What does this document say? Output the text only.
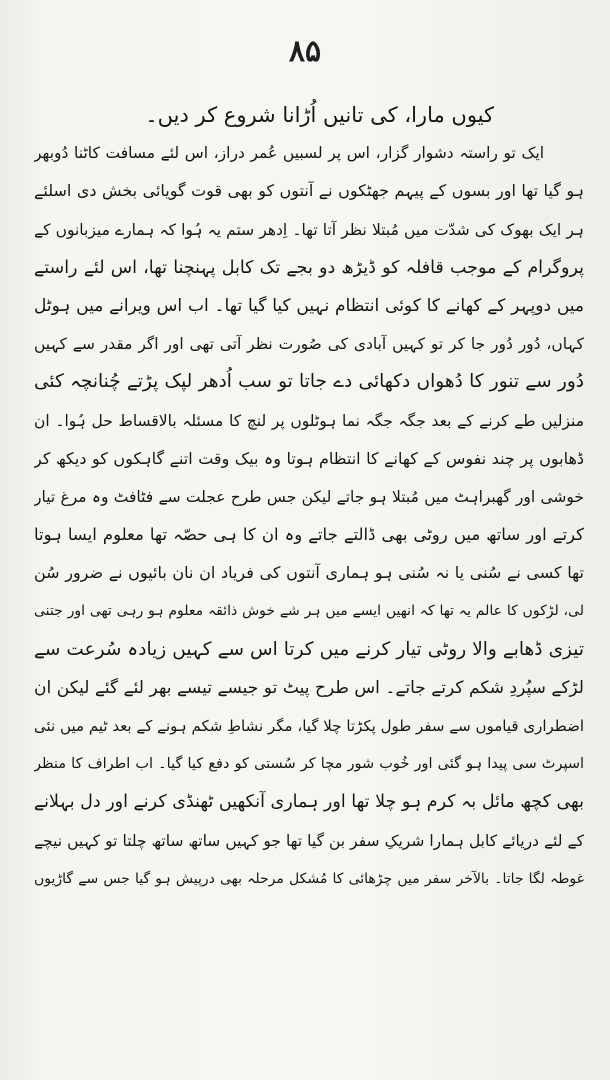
۸۵
کیوں مارا، کی تانیں اُڑانا شروع کر دیں۔
ایک تو راستہ دشوار گزار، اس پر لسبیں عُمر دراز، اس لئے مسافت کاٹنا دُوبھر
ہو گیا تھا اور بسوں کے پیہم جھٹکوں نے آنتوں کو بھی قوت گویائی بخش دی اسلئے
ہر ایک بھوک کی شدّت میں مُبتلا نظر آتا تھا۔ اِدھر ستم یہ ہُوا کہ ہمارے میزبانوں کے
پروگرام کے موجب قافلہ کو ڈیڑھ دو بجے تک کابل پہنچنا تھا، اس لئے راستے
میں دوپہر کے کھانے کا کوئی انتظام نہیں کیا گیا تھا۔ اب اس ویرانے میں ہوٹل
کہاں، دُور دُور جا کر تو کہیں آبادی کی صُورت نظر آتی تھی اور اگر مقدر سے کہیں
دُور سے تنور کا دُھواں دکھائی دے جاتا تو سب اُدھر لپک پڑتے چُنانچہ کئی
منزلیں طے کرنے کے بعد جگہ جگہ نما ہوٹلوں پر لنچ کا مسئلہ بالاقساط حل ہُوا۔ ان
ڈھابوں پر چند نفوس کے کھانے کا انتظام ہوتا وہ بیک وقت اتنے گاہکوں کو دیکھ کر
خوشی اور گھبراہٹ میں مُبتلا ہو جاتے لیکن جس طرح عجلت سے فٹافٹ وہ مرغ تیار
کرتے اور ساتھ میں روٹی بھی ڈالتے جاتے وہ ان کا ہی حصّہ تھا معلوم ایسا ہوتا
تھا کسی نے سُنی یا نہ سُنی ہو ہماری آنتوں کی فریاد ان نان بائیوں نے ضرور سُن
لی، لڑکوں کا عالم یہ تھا کہ انھیں ایسے میں ہر شے خوش ذائقہ معلوم ہو رہی تھی اور جتنی
تیزی ڈھابے والا روٹی تیار کرنے میں کرتا اس سے کہیں زیادہ سُرعت سے
لڑکے سپُردِ شکم کرتے جاتے۔ اس طرح پیٹ تو جیسے تیسے بھر لئے گئے لیکن ان
اضطراری قیاموں سے سفر طول پکڑتا چلا گیا، مگر نشاطِ شکم ہونے کے بعد ٹیم میں نئی
اسپرٹ سی پیدا ہو گئی اور خُوب شور مچا کر سُستی کو دفع کیا گیا۔ اب اطراف کا منظر
بھی کچھ مائل بہ کرم ہو چلا تھا اور ہماری آنکھیں ٹھنڈی کرنے اور دل بہلانے
کے لئے دریائے کابل ہمارا شریکِ سفر بن گیا تھا جو کہیں ساتھ ساتھ چلتا تو کہیں نیچے
غوطہ لگا جاتا۔ بالآخر سفر میں چڑھائی کا مُشکل مرحلہ بھی درپیش ہو گیا جس سے گاڑیوں
